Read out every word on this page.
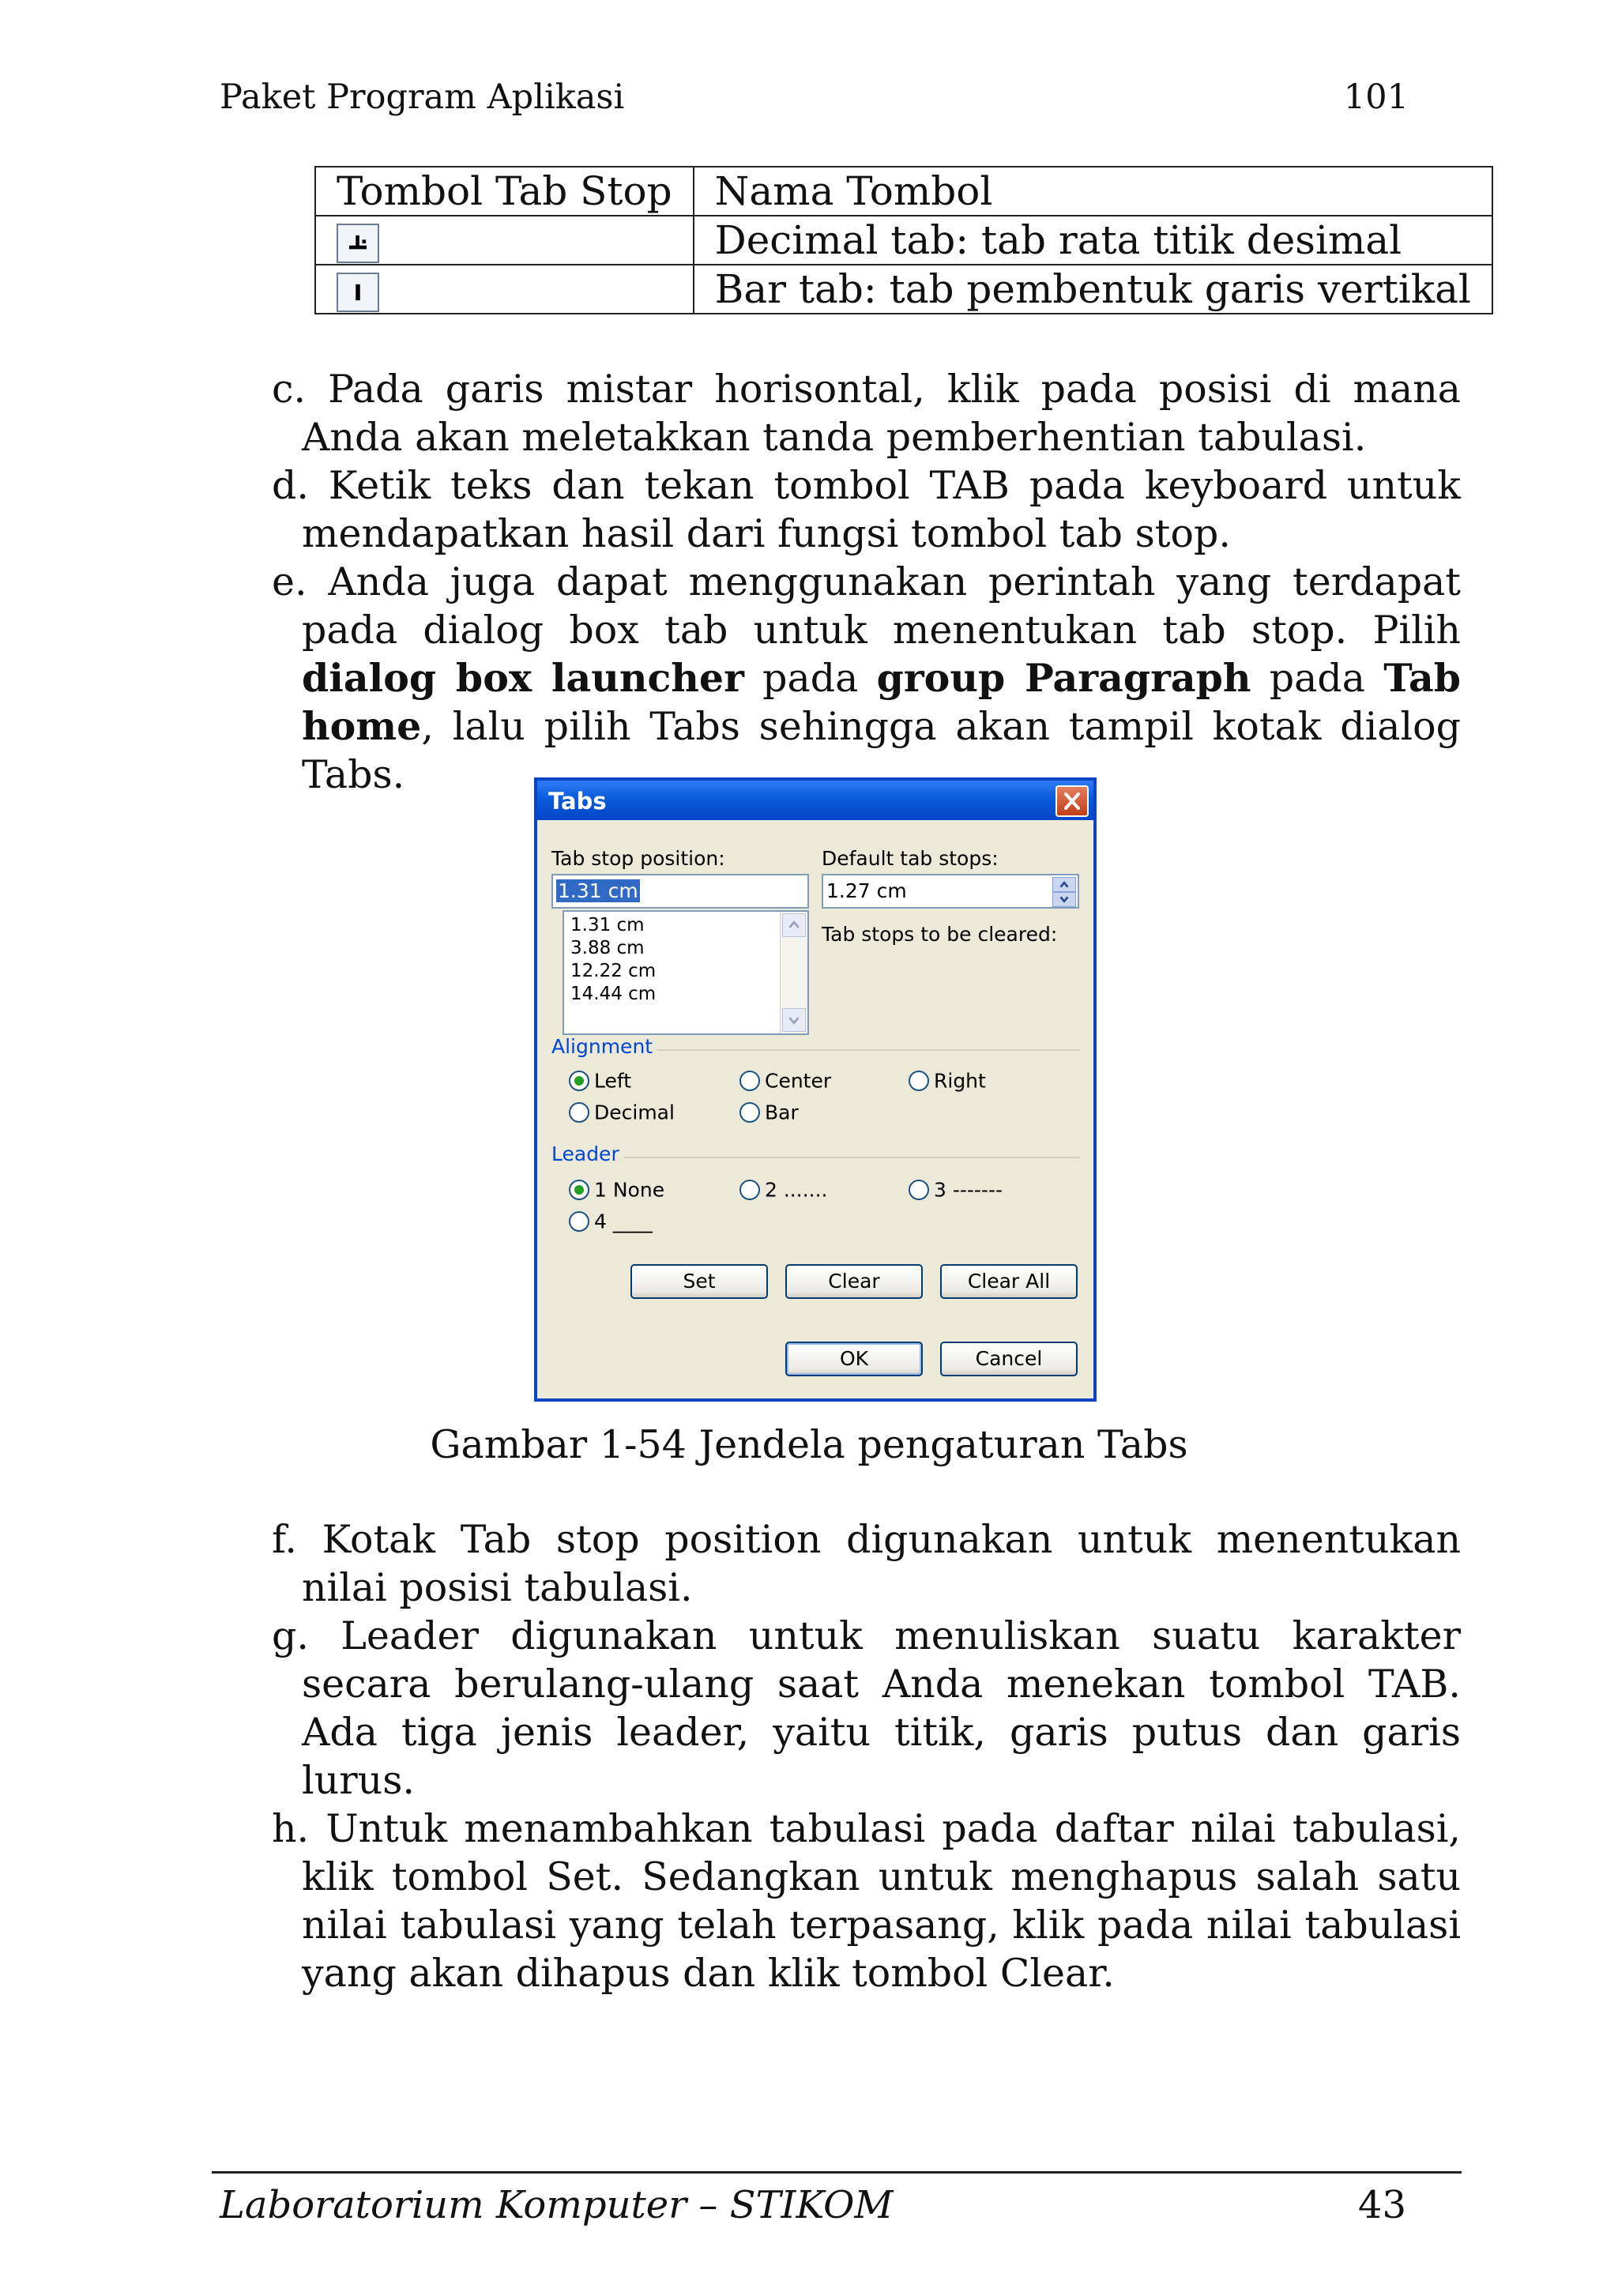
Paket Program Aplikasi	101
Tombol Tab Stop	Nama Tombol

	Decimal tab: tab rata titik desimal

	Bar tab: tab pembentuk garis vertikal
c. Pada garis mistar horisontal, klik pada posisi di mana Anda akan meletakkan tanda pemberhentian tabulasi.
d. Ketik teks dan tekan tombol TAB pada keyboard untuk mendapatkan hasil dari fungsi tombol tab stop.
e. Anda juga dapat menggunakan perintah yang terdapat pada dialog box tab untuk menentukan tab stop. Pilih dialog box launcher pada group Paragraph pada Tab home, lalu pilih Tabs sehingga akan tampil kotak dialog Tabs.
Tabs
Tab stop position:
1.31 cm
1.31 cm
3.88 cm
12.22 cm
14.44 cm
Default tab stops:
1.27 cm
Tab stops to be cleared:
Alignment
Left	Center	Right
Decimal	Bar
Leader
1 None	2 .......	3 -------
4 ____
Set	Clear	Clear All
OK	Cancel
Gambar 1-54 Jendela pengaturan Tabs
f. Kotak Tab stop position digunakan untuk menentukan nilai posisi tabulasi.
g. Leader digunakan untuk menuliskan suatu karakter secara berulang-ulang saat Anda menekan tombol TAB. Ada tiga jenis leader, yaitu titik, garis putus dan garis lurus.
h. Untuk menambahkan tabulasi pada daftar nilai tabulasi, klik tombol Set. Sedangkan untuk menghapus salah satu nilai tabulasi yang telah terpasang, klik pada nilai tabulasi yang akan dihapus dan klik tombol Clear.
Laboratorium Komputer – STIKOM	43
